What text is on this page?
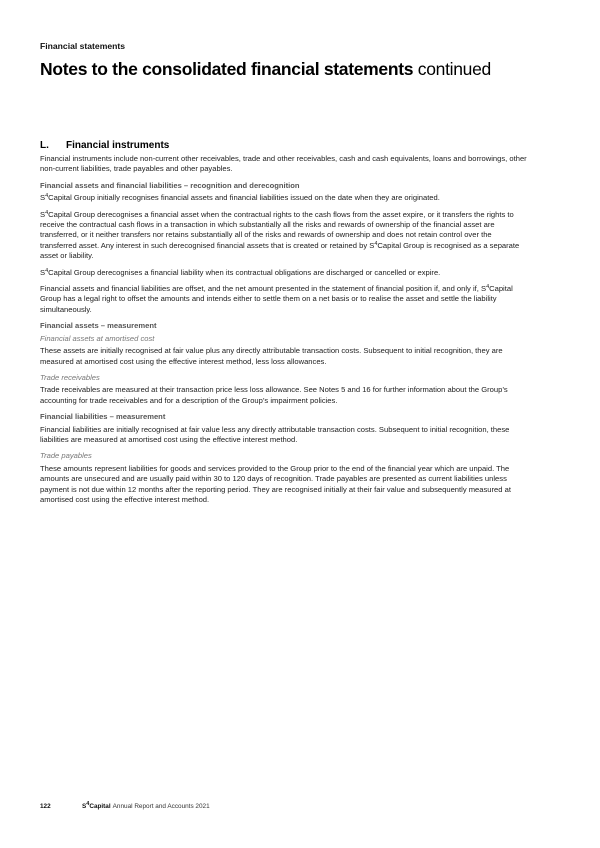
Financial statements
Notes to the consolidated financial statements continued
L.	Financial instruments

Financial instruments include non-current other receivables, trade and other receivables, cash and cash equivalents, loans and borrowings, other non-current liabilities, trade payables and other payables.

Financial assets and financial liabilities – recognition and derecognition

$S^4Capital$ Group initially recognises financial assets and financial liabilities issued on the date when they are originated.

$S^4Capital$ Group derecognises a financial asset when the contractual rights to the cash flows from the asset expire, or it transfers the rights to receive the contractual cash flows in a transaction in which substantially all the risks and rewards of ownership of the financial asset are transferred, or it neither transfers nor retains substantially all of the risks and rewards of ownership and does not retain control over the transferred asset. Any interest in such derecognised financial assets that is created or retained by $S^4Capital$ Group is recognised as a separate asset or liability.

$S^4Capital$ Group derecognises a financial liability when its contractual obligations are discharged or cancelled or expire.

Financial assets and financial liabilities are offset, and the net amount presented in the statement of financial position if, and only if, $S^4Capital$ Group has a legal right to offset the amounts and intends either to settle them on a net basis or to realise the asset and settle the liability simultaneously.

Financial assets – measurement
Financial assets at amortised cost

These assets are initially recognised at fair value plus any directly attributable transaction costs. Subsequent to initial recognition, they are measured at amortised cost using the effective interest method, less loss allowances.

Trade receivables

Trade receivables are measured at their transaction price less loss allowance. See Notes 5 and 16 for further information about the Group’s accounting for trade receivables and for a description of the Group’s impairment policies.

Financial liabilities – measurement

Financial liabilities are initially recognised at fair value less any directly attributable transaction costs. Subsequent to initial recognition, these liabilities are measured at amortised cost using the effective interest method.

Trade payables

These amounts represent liabilities for goods and services provided to the Group prior to the end of the financial year which are unpaid. The amounts are unsecured and are usually paid within 30 to 120 days of recognition. Trade payables are presented as current liabilities unless payment is not due within 12 months after the reporting period. They are recognised initially at their fair value and subsequently measured at amortised cost using the effective interest method.

122	$S^4Capital$ Annual Report and Accounts 2021
